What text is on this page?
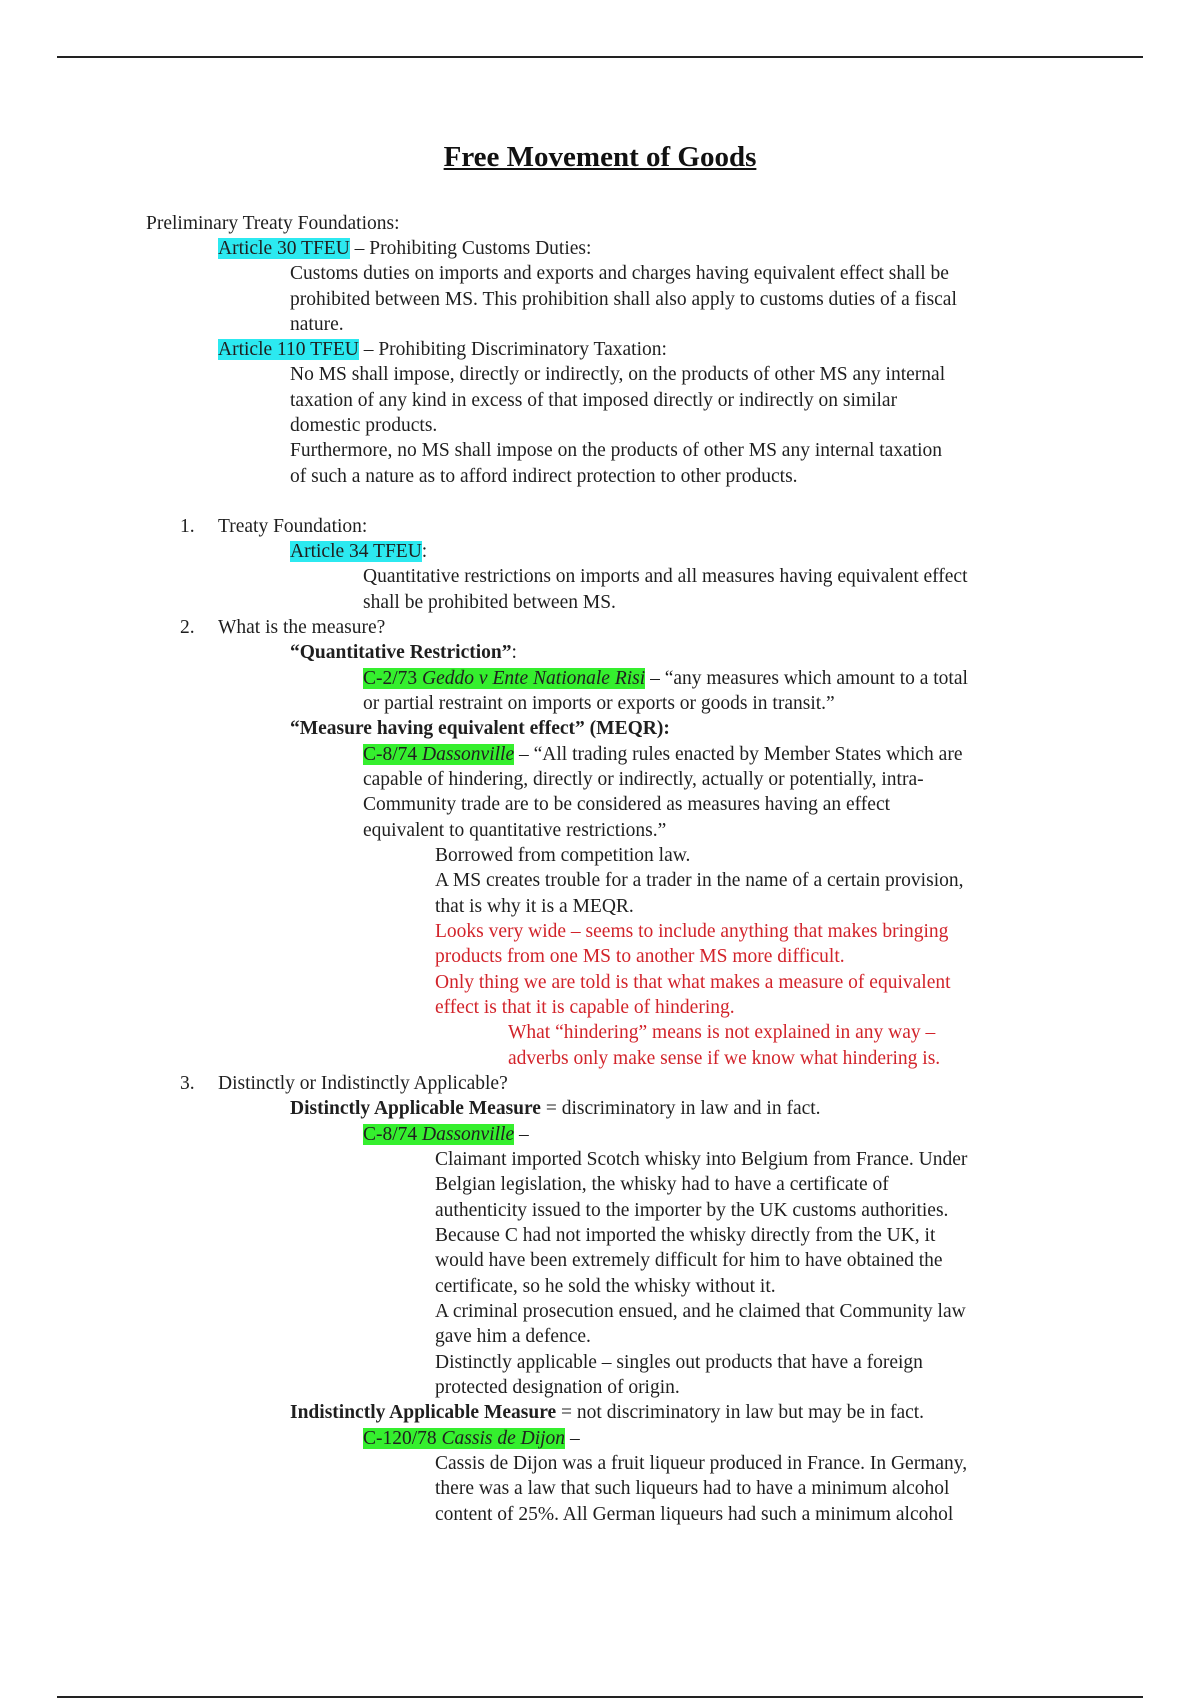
Free Movement of Goods
Preliminary Treaty Foundations:
Article 30 TFEU – Prohibiting Customs Duties:
Customs duties on imports and exports and charges having equivalent effect shall be
prohibited between MS. This prohibition shall also apply to customs duties of a fiscal
nature.
Article 110 TFEU – Prohibiting Discriminatory Taxation:
No MS shall impose, directly or indirectly, on the products of other MS any internal
taxation of any kind in excess of that imposed directly or indirectly on similar
domestic products.
Furthermore, no MS shall impose on the products of other MS any internal taxation
of such a nature as to afford indirect protection to other products.
1. Treaty Foundation:
Article 34 TFEU:
Quantitative restrictions on imports and all measures having equivalent effect
shall be prohibited between MS.
2. What is the measure?
“Quantitative Restriction”:
C-2/73 Geddo v Ente Nationale Risi – “any measures which amount to a total
or partial restraint on imports or exports or goods in transit.”
“Measure having equivalent effect” (MEQR):
C-8/74 Dassonville – “All trading rules enacted by Member States which are
capable of hindering, directly or indirectly, actually or potentially, intra-
Community trade are to be considered as measures having an effect
equivalent to quantitative restrictions.”
Borrowed from competition law.
A MS creates trouble for a trader in the name of a certain provision,
that is why it is a MEQR.
Looks very wide – seems to include anything that makes bringing
products from one MS to another MS more difficult.
Only thing we are told is that what makes a measure of equivalent
effect is that it is capable of hindering.
What “hindering” means is not explained in any way –
adverbs only make sense if we know what hindering is.
3. Distinctly or Indistinctly Applicable?
Distinctly Applicable Measure = discriminatory in law and in fact.
C-8/74 Dassonville –
Claimant imported Scotch whisky into Belgium from France. Under
Belgian legislation, the whisky had to have a certificate of
authenticity issued to the importer by the UK customs authorities.
Because C had not imported the whisky directly from the UK, it
would have been extremely difficult for him to have obtained the
certificate, so he sold the whisky without it.
A criminal prosecution ensued, and he claimed that Community law
gave him a defence.
Distinctly applicable – singles out products that have a foreign
protected designation of origin.
Indistinctly Applicable Measure = not discriminatory in law but may be in fact.
C-120/78 Cassis de Dijon –
Cassis de Dijon was a fruit liqueur produced in France. In Germany,
there was a law that such liqueurs had to have a minimum alcohol
content of 25%. All German liqueurs had such a minimum alcohol
